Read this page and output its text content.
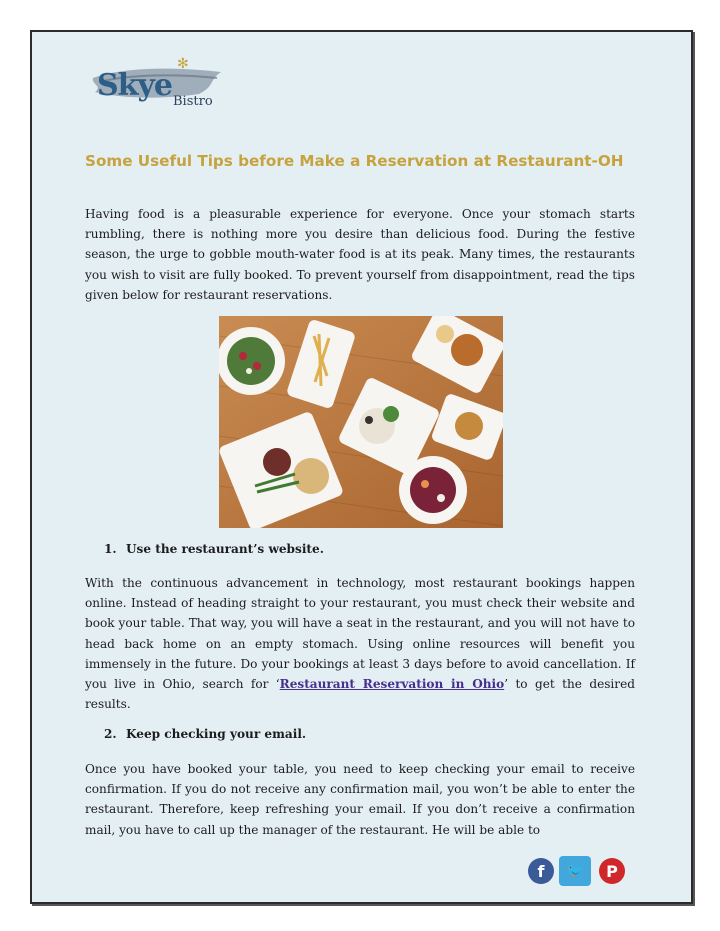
✻
Skye Bistro
Some Useful Tips before Make a Reservation at Restaurant-OH

Having food is a pleasurable experience for everyone. Once your stomach starts rumbling, there is nothing more you desire than delicious food. During the festive season, the urge to gobble mouth-water food is at its peak. Many times, the restaurants you wish to visit are fully booked. To prevent yourself from disappointment, read the tips given below for restaurant reservations.

1. Use the restaurant’s website.

With the continuous advancement in technology, most restaurant bookings happen online. Instead of heading straight to your restaurant, you must check their website and book your table. That way, you will have a seat in the restaurant, and you will not have to head back home on an empty stomach. Using online resources will benefit you immensely in the future. Do your bookings at least 3 days before to avoid cancellation. If you live in Ohio, search for ‘Restaurant Reservation in Ohio’ to get the desired results.

2. Keep checking your email.

Once you have booked your table, you need to keep checking your email to receive confirmation. If you do not receive any confirmation mail, you won’t be able to enter the restaurant. Therefore, keep refreshing your email. If you don’t receive a confirmation mail, you have to call up the manager of the restaurant. He will be able to

f	🐦	P
